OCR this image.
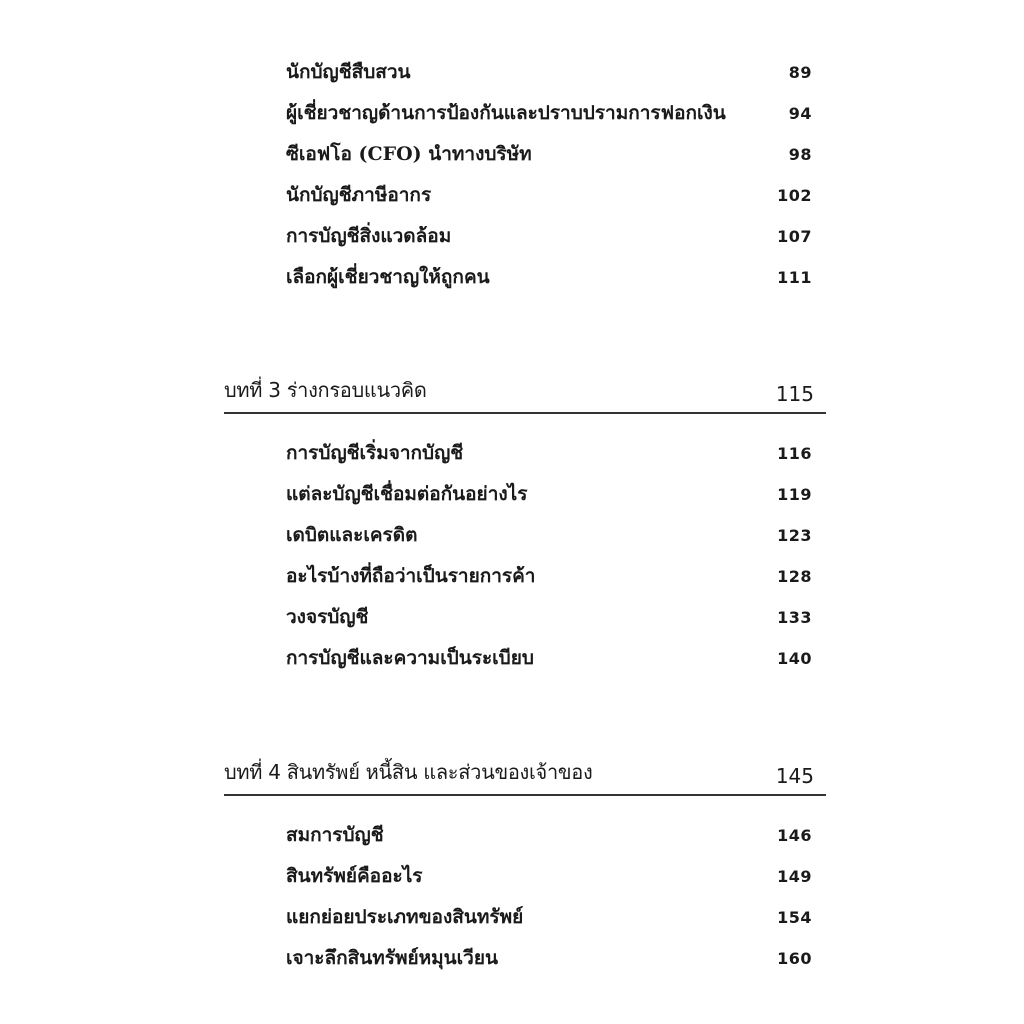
นักบัญชีสืบสวน	89
ผู้เชี่ยวชาญด้านการป้องกันและปราบปรามการฟอกเงิน	94
ซีเอฟโอ (CFO) นำทางบริษัท	98
นักบัญชีภาษีอากร	102
การบัญชีสิ่งแวดล้อม	107
เลือกผู้เชี่ยวชาญให้ถูกคน	111
บทที่ 3 ร่างกรอบแนวคิด	115
การบัญชีเริ่มจากบัญชี	116
แต่ละบัญชีเชื่อมต่อกันอย่างไร	119
เดบิตและเครดิต	123
อะไรบ้างที่ถือว่าเป็นรายการค้า	128
วงจรบัญชี	133
การบัญชีและความเป็นระเบียบ	140
บทที่ 4 สินทรัพย์ หนี้สิน และส่วนของเจ้าของ	145
สมการบัญชี	146
สินทรัพย์คืออะไร	149
แยกย่อยประเภทของสินทรัพย์	154
เจาะลึกสินทรัพย์หมุนเวียน	160
